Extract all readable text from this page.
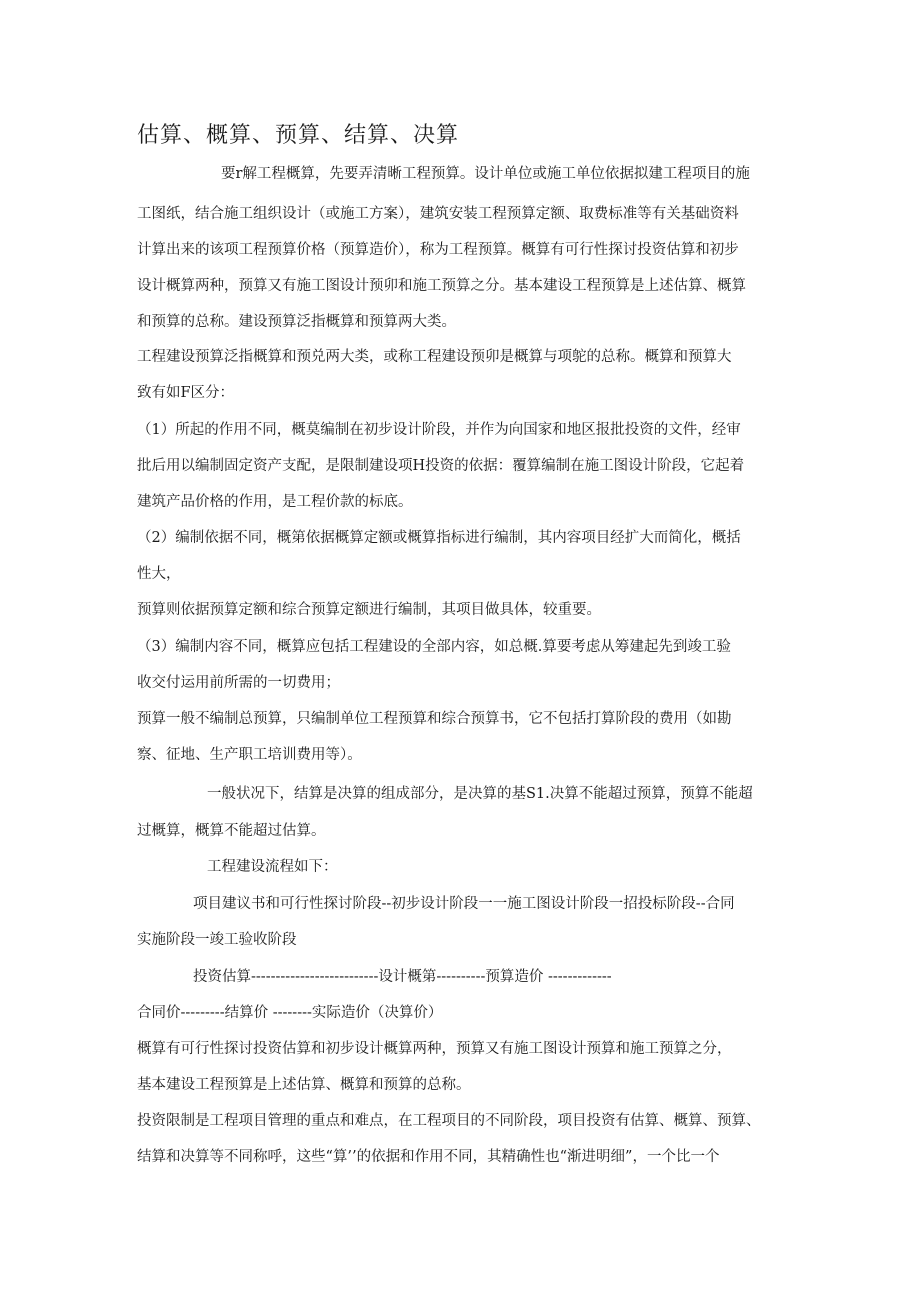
估算、概算、预算、结算、决算

要r解工程概算，先要弄清晰工程预算。设计单位或施工单位依据拟建工程项目的施

工图纸，结合施工组织设计（或施工方案），建筑安装工程预算定额、取费标准等有关基础资料

计算出来的该项工程预算价格（预算造价），称为工程预算。概算有可行性探讨投资估算和初步

设计概算两种，预算又有施工图设计预卯和施工预算之分。基本建设工程预算是上述估算、概算

和预算的总称。建设预算泛指概算和预算两大类。

工程建设预算泛指概算和预兑两大类，或称工程建设预卯是概算与项鸵的总称。概算和预算大

致有如F区分：

（1）所起的作用不同，概莫编制在初步设计阶段，并作为向国家和地区报批投资的文件，经审

批后用以编制固定资产支配，是限制建设项H投资的依据：覆算编制在施工图设计阶段，它起着

建筑产品价格的作用，是工程价款的标底。

（2）编制依据不同，概第依据概算定额或概算指标进行编制，其内容项目经扩大而简化，概括

性大，

预算则依据预算定额和综合预算定额进行编制，其项目做具体，较重要。

（3）编制内容不同，概算应包括工程建设的全部内容，如总概.算要考虑从筹建起先到竣工验

收交付运用前所需的一切费用；

预算一般不编制总预算，只编制单位工程预算和综合预算书，它不包括打算阶段的费用（如勘

察、征地、生产职工培训费用等）。

一般状况下，结算是决算的组成部分，是决算的基S1.决算不能超过预算，预算不能超

过概算，概算不能超过估算。

工程建设流程如下：

项目建议书和可行性探讨阶段--初步设计阶段一一施工图设计阶段一招投标阶段--合同

实施阶段一竣工验收阶段

投资估算--------------------------设计概第----------预算造价 -------------

合同价---------结算价 --------实际造价（决算价）

概算有可行性探讨投资估算和初步设计概算两种，预算又有施工图设计预算和施工预算之分，

基本建设工程预算是上述估算、概算和预算的总称。

投资限制是工程项目管理的重点和难点，在工程项目的不同阶段，项目投资有估算、概算、预算、

结算和决算等不同称呼，这些“算’’的依据和作用不同，其精确性也“渐进明细”，一个比一个
